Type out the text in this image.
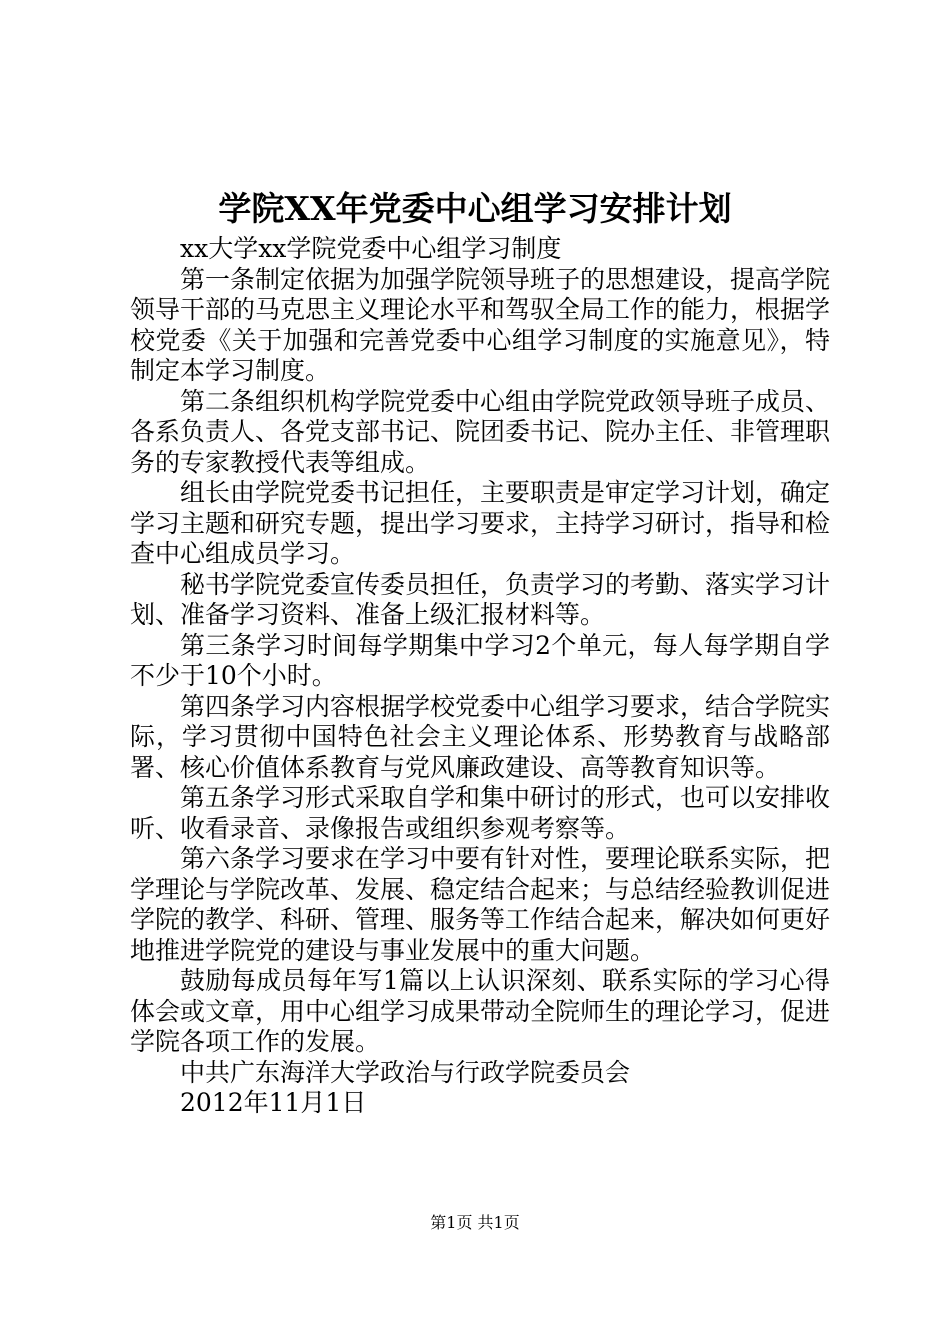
学院XX年党委中心组学习安排计划

xx大学xx学院党委中心组学习制度

第一条制定依据为加强学院领导班子的思想建设，提高学院领导干部的马克思主义理论水平和驾驭全局工作的能力，根据学校党委《关于加强和完善党委中心组学习制度的实施意见》，特制定本学习制度。

第二条组织机构学院党委中心组由学院党政领导班子成员、各系负责人、各党支部书记、院团委书记、院办主任、非管理职务的专家教授代表等组成。

组长由学院党委书记担任，主要职责是审定学习计划，确定学习主题和研究专题，提出学习要求，主持学习研讨，指导和检查中心组成员学习。

秘书学院党委宣传委员担任，负责学习的考勤、落实学习计划、准备学习资料、准备上级汇报材料等。

第三条学习时间每学期集中学习2个单元，每人每学期自学不少于10个小时。

第四条学习内容根据学校党委中心组学习要求，结合学院实际，学习贯彻中国特色社会主义理论体系、形势教育与战略部署、核心价值体系教育与党风廉政建设、高等教育知识等。

第五条学习形式采取自学和集中研讨的形式，也可以安排收听、收看录音、录像报告或组织参观考察等。

第六条学习要求在学习中要有针对性，要理论联系实际，把学理论与学院改革、发展、稳定结合起来；与总结经验教训促进学院的教学、科研、管理、服务等工作结合起来，解决如何更好地推进学院党的建设与事业发展中的重大问题。

鼓励每成员每年写1篇以上认识深刻、联系实际的学习心得体会或文章，用中心组学习成果带动全院师生的理论学习，促进学院各项工作的发展。

中共广东海洋大学政治与行政学院委员会

2012年11月1日

第1页 共1页
